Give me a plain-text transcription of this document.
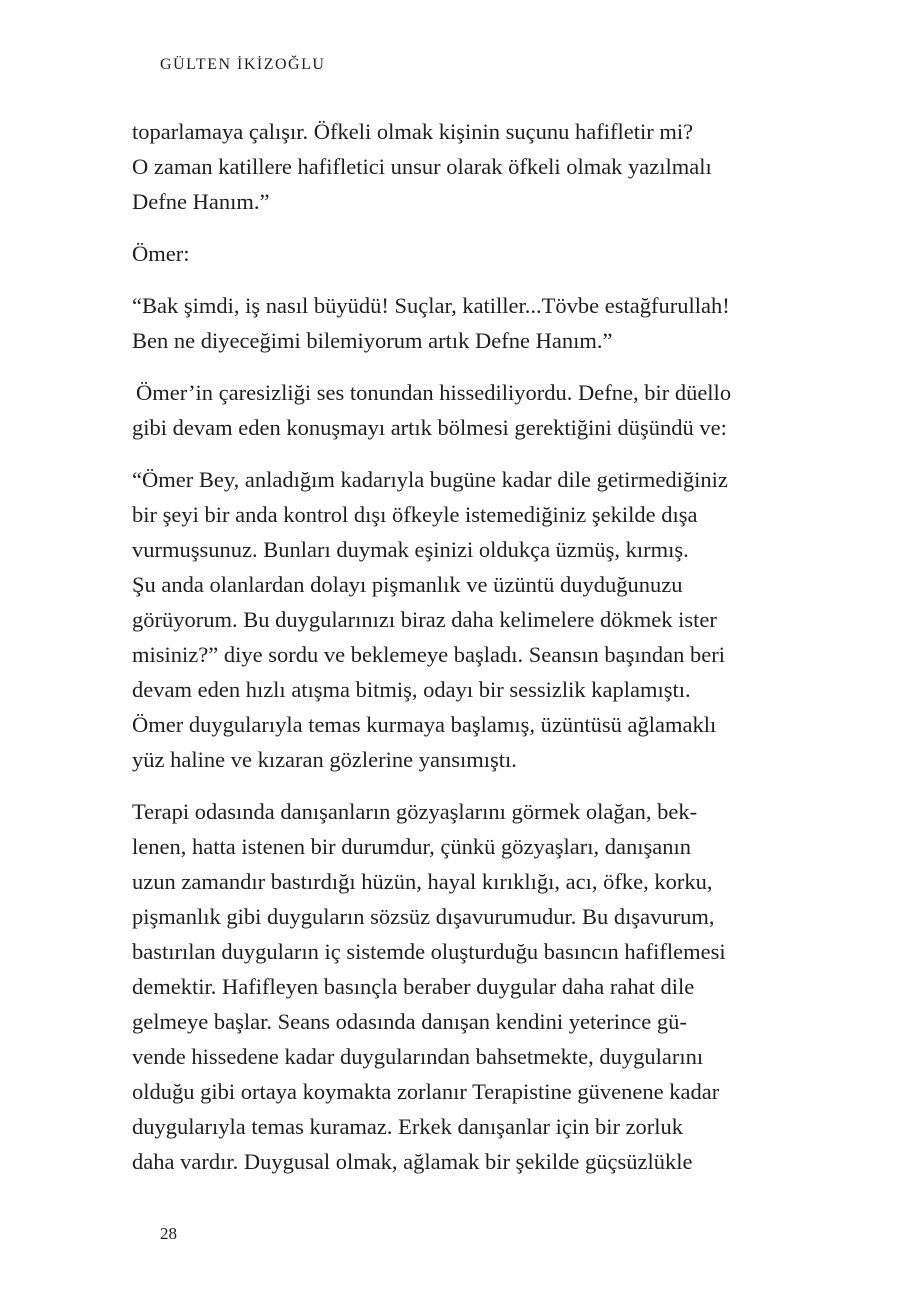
GÜLTEN İKİZOĞLU

toparlamaya çalışır. Öfkeli olmak kişinin suçunu hafifletir mi?
O zaman katillere hafifletici unsur olarak öfkeli olmak yazılmalı
Defne Hanım.”

Ömer:

“Bak şimdi, iş nasıl büyüdü! Suçlar, katiller...Tövbe estağfurullah!
Ben ne diyeceğimi bilemiyorum artık Defne Hanım.”

Ömer’in çaresizliği ses tonundan hissediliyordu. Defne, bir düello
gibi devam eden konuşmayı artık bölmesi gerektiğini düşündü ve:

“Ömer Bey, anladığım kadarıyla bugüne kadar dile getirmediğiniz
bir şeyi bir anda kontrol dışı öfkeyle istemediğiniz şekilde dışa
vurmuşsunuz. Bunları duymak eşinizi oldukça üzmüş, kırmış.
Şu anda olanlardan dolayı pişmanlık ve üzüntü duyduğunuzu
görüyorum. Bu duygularınızı biraz daha kelimelere dökmek ister
misiniz?” diye sordu ve beklemeye başladı. Seansın başından beri
devam eden hızlı atışma bitmiş, odayı bir sessizlik kaplamıştı.
Ömer duygularıyla temas kurmaya başlamış, üzüntüsü ağlamaklı
yüz haline ve kızaran gözlerine yansımıştı.

Terapi odasında danışanların gözyaşlarını görmek olağan, bek-
lenen, hatta istenen bir durumdur, çünkü gözyaşları, danışanın
uzun zamandır bastırdığı hüzün, hayal kırıklığı, acı, öfke, korku,
pişmanlık gibi duyguların sözsüz dışavurumudur. Bu dışavurum,
bastırılan duyguların iç sistemde oluşturduğu basıncın hafiflemesi
demektir. Hafifleyen basınçla beraber duygular daha rahat dile
gelmeye başlar. Seans odasında danışan kendini yeterince gü-
vende hissedene kadar duygularından bahsetmekte, duygularını
olduğu gibi ortaya koymakta zorlanır Terapistine güvenene kadar
duygularıyla temas kuramaz. Erkek danışanlar için bir zorluk
daha vardır. Duygusal olmak, ağlamak bir şekilde güçsüzlükle

28
